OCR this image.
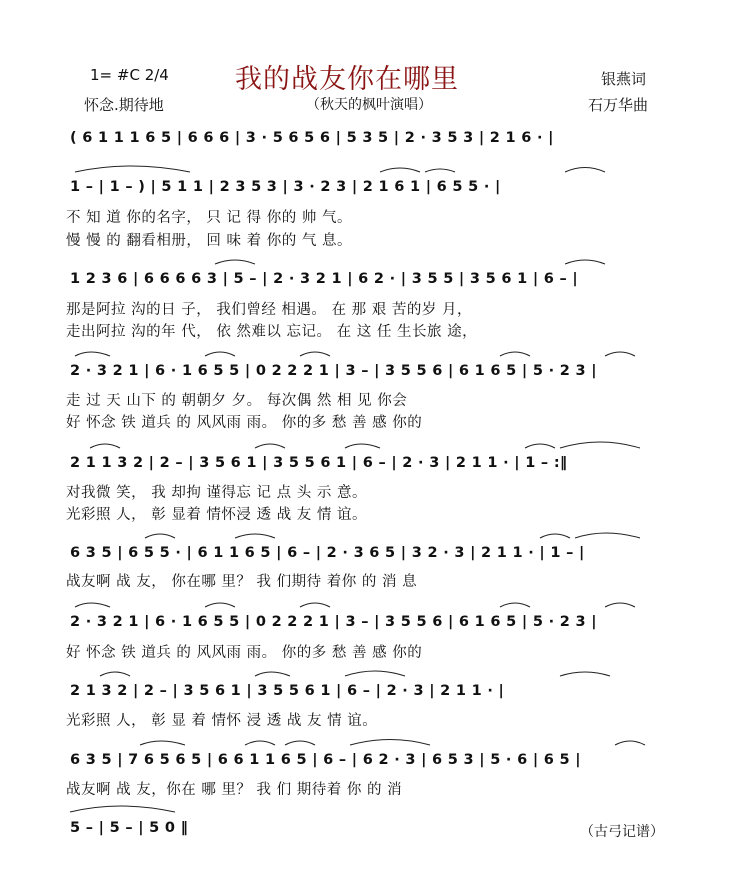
1= #C 2/4
怀念.期待地
我的战友你在哪里
（秋天的枫叶演唱）
银燕词
石万华曲
( 6 1 1 1 6 5 | 6 6 6 | 3 · 5 6 5 6 | 5 3 5 | 2 · 3 5 3 | 2 1 6 · |
1 – | 1 – ) | 5 1 1 | 2 3 5 3 | 3 · 2 3 | 2 1 6 1 | 6 5 5 · |
不 知 道 你的名字， 只 记 得 你的 帅 气。
慢 慢 的 翻看相册， 回 味 着 你的 气 息。
1 2 3 6 | 6 6 6 6 3 | 5 – | 2 · 3 2 1 | 6 2 · | 3 5 5 | 3 5 6 1 | 6 – |
那是阿拉 沟的日 子， 我们曾经 相遇。 在 那 艰 苦的岁 月，
走出阿拉 沟的年 代， 依 然难以 忘记。 在 这 任 生长旅 途，
2 · 3 2 1 | 6 · 1 6 5 5 | 0 2 2 2 1 | 3 – | 3 5 5 6 | 6 1 6 5 | 5 · 2 3 |
走 过 天 山下 的 朝朝夕 夕。 每次偶 然 相 见 你会
好 怀念 铁 道兵 的 风风雨 雨。 你的多 愁 善 感 你的
2 1 1 3 2 | 2 – | 3 5 6 1 | 3 5 5 6 1 | 6 – | 2 · 3 | 2 1 1 · | 1 – :‖
对我微 笑， 我 却拘 谨得忘 记 点 头 示 意。
光彩照 人， 彰 显着 情怀浸 透 战 友 情 谊。
6 3 5 | 6 5 5 · | 6 1 1 6 5 | 6 – | 2 · 3 6 5 | 3 2 · 3 | 2 1 1 · | 1 – |
战友啊 战 友， 你在哪 里？ 我 们期待 着你 的 消 息
2 · 3 2 1 | 6 · 1 6 5 5 | 0 2 2 2 1 | 3 – | 3 5 5 6 | 6 1 6 5 | 5 · 2 3 |
好 怀念 铁 道兵 的 风风雨 雨。 你的多 愁 善 感 你的
2 1 3 2 | 2 – | 3 5 6 1 | 3 5 5 6 1 | 6 – | 2 · 3 | 2 1 1 · |
光彩照 人， 彰 显 着 情怀 浸 透 战 友 情 谊。
6 3 5 | 7 6 5 6 5 | 6 6 1 1 6 5 | 6 – | 6 2 · 3 | 6 5 3 | 5 · 6 | 6 5 |
战友啊 战 友，你在 哪 里？ 我 们 期待着 你 的 消
5 – | 5 – | 5 0 ‖	（古弓记谱）
